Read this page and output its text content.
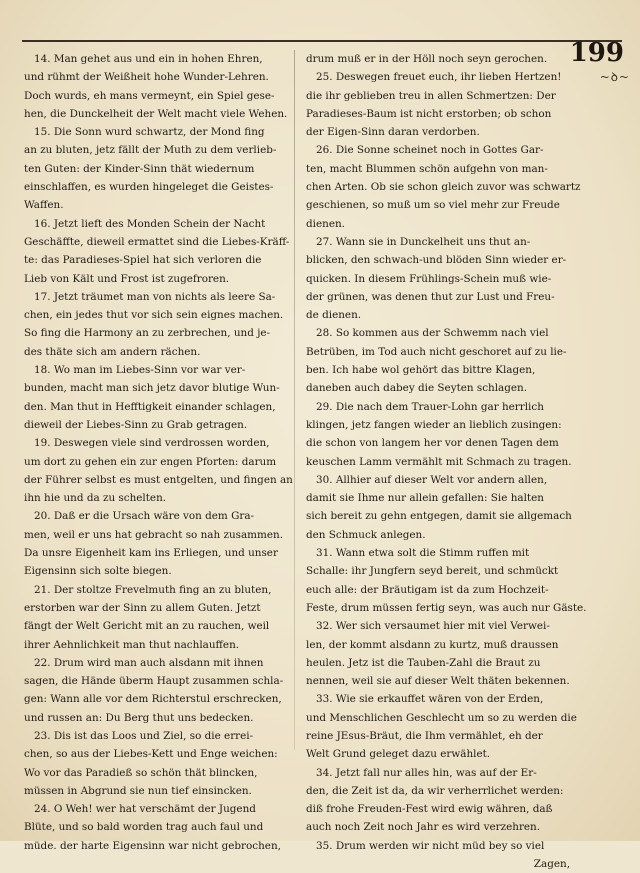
199
~ꝺ~
14. Man gehet aus und ein in hohen Ehren,
und rühmt der Weißheit hohe Wunder-Lehren.
Doch wurds, eh mans vermeynt, ein Spiel gese-
hen, die Dunckelheit der Welt macht viele Wehen.
15. Die Sonn wurd schwartz, der Mond fing
an zu bluten, jetz fällt der Muth zu dem verlieb-
ten Guten: der Kinder-Sinn thät wiedernum
einschlaffen, es wurden hingeleget die Geistes-
Waffen.
16. Jetzt lieft des Monden Schein der Nacht
Geschäffte, dieweil ermattet sind die Liebes-Kräff-
te: das Paradieses-Spiel hat sich verloren die
Lieb von Kält und Frost ist zugefroren.
17. Jetzt träumet man von nichts als leere Sa-
chen, ein jedes thut vor sich sein eignes machen.
So fing die Harmony an zu zerbrechen, und je-
des thäte sich am andern rächen.
18. Wo man im Liebes-Sinn vor war ver-
bunden, macht man sich jetz davor blutige Wun-
den. Man thut in Hefftigkeit einander schlagen,
dieweil der Liebes-Sinn zu Grab getragen.
19. Deswegen viele sind verdrossen worden,
um dort zu gehen ein zur engen Pforten: darum
der Führer selbst es must entgelten, und fingen an
ihn hie und da zu schelten.
20. Daß er die Ursach wäre von dem Gra-
men, weil er uns hat gebracht so nah zusammen.
Da unsre Eigenheit kam ins Erliegen, und unser
Eigensinn sich solte biegen.
21. Der stoltze Frevelmuth fing an zu bluten,
erstorben war der Sinn zu allem Guten. Jetzt
fängt der Welt Gericht mit an zu rauchen, weil
ihrer Aehnlichkeit man thut nachlauffen.
22. Drum wird man auch alsdann mit ihnen
sagen, die Hände überm Haupt zusammen schla-
gen: Wann alle vor dem Richterstul erschrecken,
und russen an: Du Berg thut uns bedecken.
23. Dis ist das Loos und Ziel, so die errei-
chen, so aus der Liebes-Kett und Enge weichen:
Wo vor das Paradieß so schön thät blincken,
müssen in Abgrund sie nun tief einsincken.
24. O Weh! wer hat verschämt der Jugend
Blüte, und so bald worden trag auch faul und
müde. der harte Eigensinn war nicht gebrochen,
drum muß er in der Höll noch seyn gerochen.
25. Deswegen freuet euch, ihr lieben Hertzen!
die ihr geblieben treu in allen Schmertzen: Der
Paradieses-Baum ist nicht erstorben; ob schon
der Eigen-Sinn daran verdorben.
26. Die Sonne scheinet noch in Gottes Gar-
ten, macht Blummen schön aufgehn von man-
chen Arten. Ob sie schon gleich zuvor was schwartz
geschienen, so muß um so viel mehr zur Freude
dienen.
27. Wann sie in Dunckelheit uns thut an-
blicken, den schwach-und blöden Sinn wieder er-
quicken. In diesem Frühlings-Schein muß wie-
der grünen, was denen thut zur Lust und Freu-
de dienen.
28. So kommen aus der Schwemm nach viel
Betrüben, im Tod auch nicht geschoret auf zu lie-
ben. Ich habe wol gehört das bittre Klagen,
daneben auch dabey die Seyten schlagen.
29. Die nach dem Trauer-Lohn gar herrlich
klingen, jetz fangen wieder an lieblich zusingen:
die schon von langem her vor denen Tagen dem
keuschen Lamm vermählt mit Schmach zu tragen.
30. Allhier auf dieser Welt vor andern allen,
damit sie Ihme nur allein gefallen: Sie halten
sich bereit zu gehn entgegen, damit sie allgemach
den Schmuck anlegen.
31. Wann etwa solt die Stimm ruffen mit
Schalle: ihr Jungfern seyd bereit, und schmückt
euch alle: der Bräutigam ist da zum Hochzeit-
Feste, drum müssen fertig seyn, was auch nur Gäste.
32. Wer sich versaumet hier mit viel Verwei-
len, der kommt alsdann zu kurtz, muß draussen
heulen. Jetz ist die Tauben-Zahl die Braut zu
nennen, weil sie auf dieser Welt thäten bekennen.
33. Wie sie erkauffet wären von der Erden,
und Menschlichen Geschlecht um so zu werden die
reine JEsus-Bräut, die Ihm vermählet, eh der
Welt Grund geleget dazu erwählet.
34. Jetzt fall nur alles hin, was auf der Er-
den, die Zeit ist da, da wir verherrlichet werden:
diß frohe Freuden-Fest wird ewig währen, daß
auch noch Zeit noch Jahr es wird verzehren.
35. Drum werden wir nicht müd bey so viel
Zagen,
